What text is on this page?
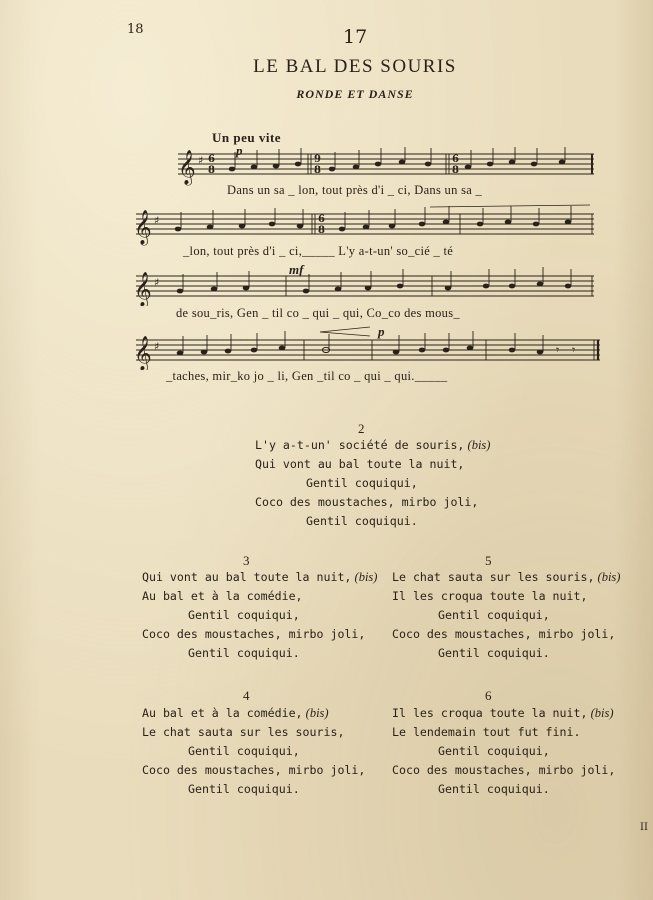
18	17
LE BAL DES SOURIS
RONDE ET DANSE
Un peu vite
𝄞 ♯ 6
8
9
8
6
8
p
Dans un sa _ lon, tout près d'i _ ci, Dans un sa _
𝄞 ♯	6
8
_lon, tout près d'i _ ci,_____ L'y a-t-un' so_cié _ té
𝄞 ♯
mf
de sou_ris, Gen _ til co _ qui _ qui, Co_co des mous_
𝄞 ♯	𝄾 𝄾
p
_taches, mir_ko jo _ li, Gen _til co _ qui _ qui._____
2
L'y a-t-un' société de souris, (bis)
Qui vont au bal toute la nuit,
Gentil coquiqui,
Coco des moustaches, mirbo joli,
Gentil coquiqui.
3
Qui vont au bal toute la nuit, (bis)
Au bal et à la comédie,
Gentil coquiqui,
Coco des moustaches, mirbo joli,
Gentil coquiqui.
4
Au bal et à la comédie, (bis)
Le chat sauta sur les souris,
Gentil coquiqui,
Coco des moustaches, mirbo joli,
Gentil coquiqui.
5
Le chat sauta sur les souris, (bis)
Il les croqua toute la nuit,
Gentil coquiqui,
Coco des moustaches, mirbo joli,
Gentil coquiqui.
6
Il les croqua toute la nuit, (bis)
Le lendemain tout fut fini.
Gentil coquiqui,
Coco des moustaches, mirbo joli,
Gentil coquiqui.
II
